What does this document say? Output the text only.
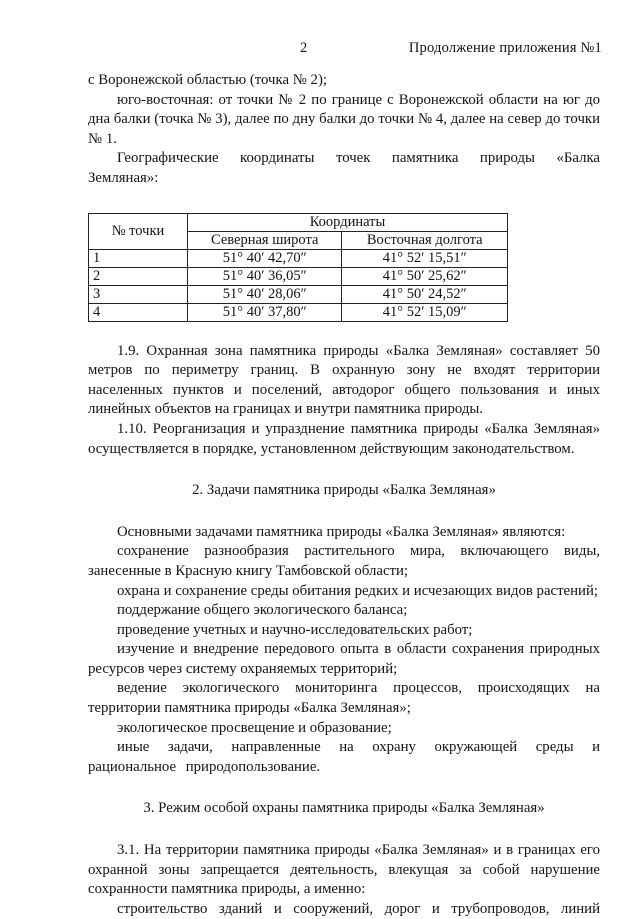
2	Продолжение приложения №1

с Воронежской областью (точка № 2);

юго-восточная: от точки № 2 по границе с Воронежской области на юг до дна балки (точка № 3), далее по дну балки до точки № 4, далее на север до точки № 1.

Географические координаты точек памятника природы «Балка Земляная»:

№ точки	Координаты	
	Северная широта	Восточная долгота
1	51° 40′ 42,70″	41° 52′ 15,51″
2	51° 40′ 36,05″	41° 50′ 25,62″
3	51° 40′ 28,06″	41° 50′ 24,52″
4	51° 40′ 37,80″	41° 52′ 15,09″

1.9. Охранная зона памятника природы «Балка Земляная» составляет 50 метров по периметру границ. В охранную зону не входят территории населенных пунктов и поселений, автодорог общего пользования и иных линейных объектов на границах и внутри памятника природы.

1.10. Реорганизация и упразднение памятника природы «Балка Земляная» осуществляется в порядке, установленном действующим законодательством.

2. Задачи памятника природы «Балка Земляная»

Основными задачами памятника природы «Балка Земляная» являются:

сохранение разнообразия растительного мира, включающего виды, занесенные в Красную книгу Тамбовской области;

охрана и сохранение среды обитания редких и исчезающих видов растений;

поддержание общего экологического баланса;

проведение учетных и научно-исследовательских работ;

изучение и внедрение передового опыта в области сохранения природных ресурсов через систему охраняемых территорий;

ведение экологического мониторинга процессов, происходящих на территории памятника природы «Балка Земляная»;

экологическое просвещение и образование;

иные задачи, направленные на охрану окружающей среды и рациональное природопользование.

3. Режим особой охраны памятника природы «Балка Земляная»

3.1. На территории памятника природы «Балка Земляная» и в границах его охранной зоны запрещается деятельность, влекущая за собой нарушение сохранности памятника природы, а именно:

строительство зданий и сооружений, дорог и трубопроводов, линий
